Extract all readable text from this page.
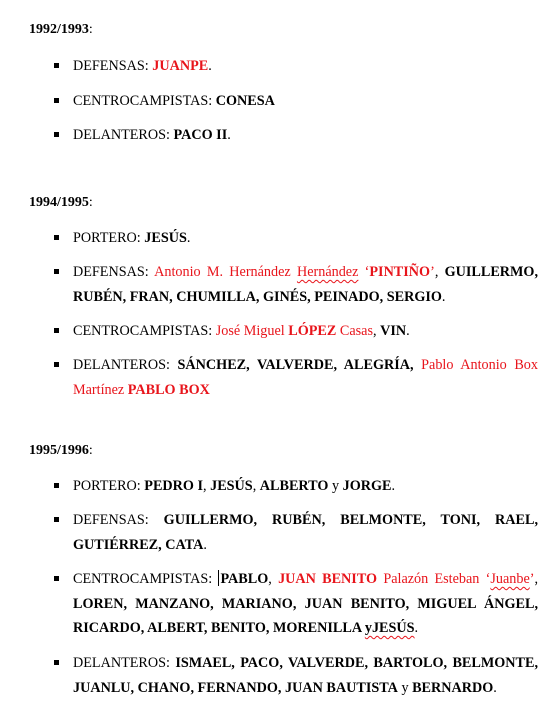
1992/1993:
DEFENSAS: JUANPE.
CENTROCAMPISTAS: CONESA
DELANTEROS: PACO II.
1994/1995:
PORTERO: JESÚS.
DEFENSAS: Antonio M. Hernández Hernández ‘PINTIÑO’, GUILLERMO,
RUBÉN, FRAN, CHUMILLA, GINÉS, PEINADO, SERGIO.
CENTROCAMPISTAS: José Miguel LÓPEZ Casas, VIN.
DELANTEROS: SÁNCHEZ, VALVERDE, ALEGRÍA, Pablo Antonio Box
Martínez PABLO BOX
1995/1996:
PORTERO: PEDRO I, JESÚS, ALBERTO y JORGE.
DEFENSAS: GUILLERMO, RUBÉN, BELMONTE, TONI, RAEL,
GUTIÉRREZ, CATA.
CENTROCAMPISTAS: PABLO, JUAN BENITO Palazón Esteban ‘Juanbe’,
LOREN, MANZANO, MARIANO, JUAN BENITO, MIGUEL ÁNGEL,
RICARDO, ALBERT, BENITO, MORENILLA yJESÚS.
DELANTEROS: ISMAEL, PACO, VALVERDE, BARTOLO, BELMONTE,
JUANLU, CHANO, FERNANDO, JUAN BAUTISTA y BERNARDO.
